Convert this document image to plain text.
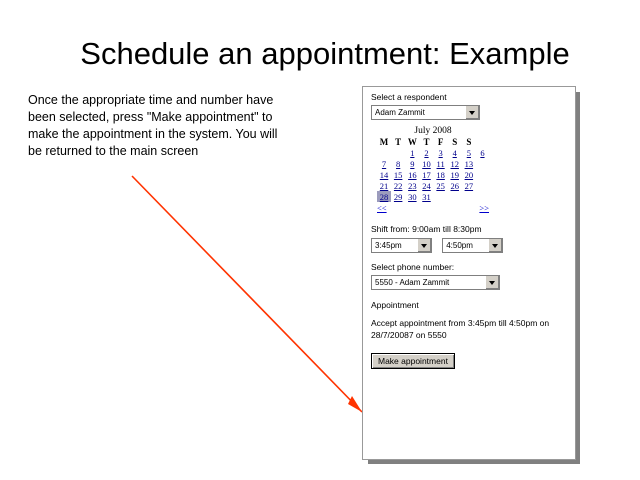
Schedule an appointment: Example
Once the appropriate time and number have been selected, press "Make appointment" to make the appointment in the system. You will be returned to the main screen
Select a respondent
Adam Zammit
July 2008
M	T	W	T	F	S	S	
		1	2	3	4	5	6
7	8	9	10	11	12	13	
14	15	16	17	18	19	20	
21	22	23	24	25	26	27	
28	29	30	31				
<<	>>
Shift from: 9:00am till 8:30pm
3:45pm	4:50pm
Select phone number:
5550 - Adam Zammit
Appointment
Accept appointment from 3:45pm till 4:50pm on 28/7/20087 on 5550
Make appointment
